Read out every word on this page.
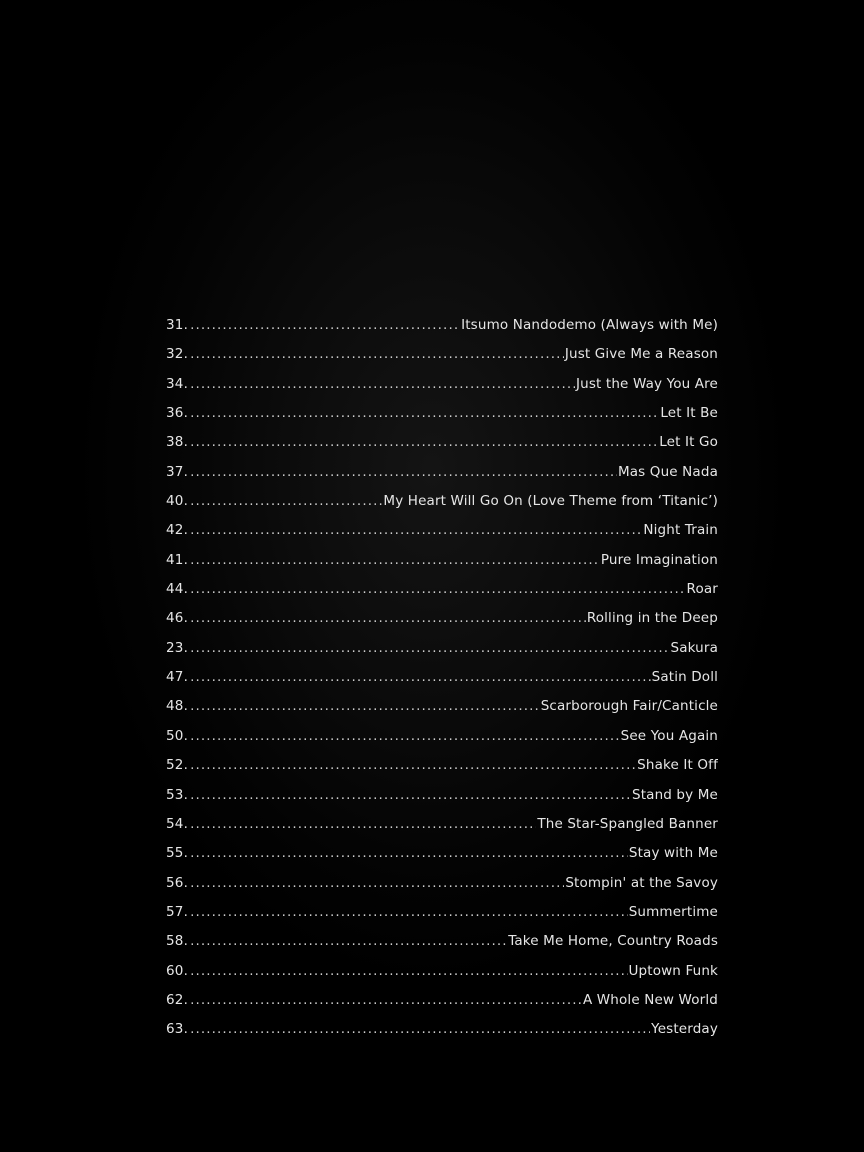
31. . . .	Itsumo Nandodemo (Always with Me)
32. . . .	Just Give Me a Reason
34. . . .	Just the Way You Are
36. . . .	Let It Be
38. . . .	Let It Go
37. . . .	Mas Que Nada
40. . . .	My Heart Will Go On (Love Theme from ‘Titanic’)
42. . . .	Night Train
41. . . .	Pure Imagination
44. . . .	Roar
46. . . .	Rolling in the Deep
23. . . .	Sakura
47. . . .	Satin Doll
48. . . .	Scarborough Fair/Canticle
50. . . .	See You Again
52. . . .	Shake It Off
53. . . .	Stand by Me
54. . . .	The Star-Spangled Banner
55. . . .	Stay with Me
56. . . .	Stompin' at the Savoy
57. . . .	Summertime
58. . . .	Take Me Home, Country Roads
60. . . .	Uptown Funk
62. . . .	A Whole New World
63. . . .	Yesterday
